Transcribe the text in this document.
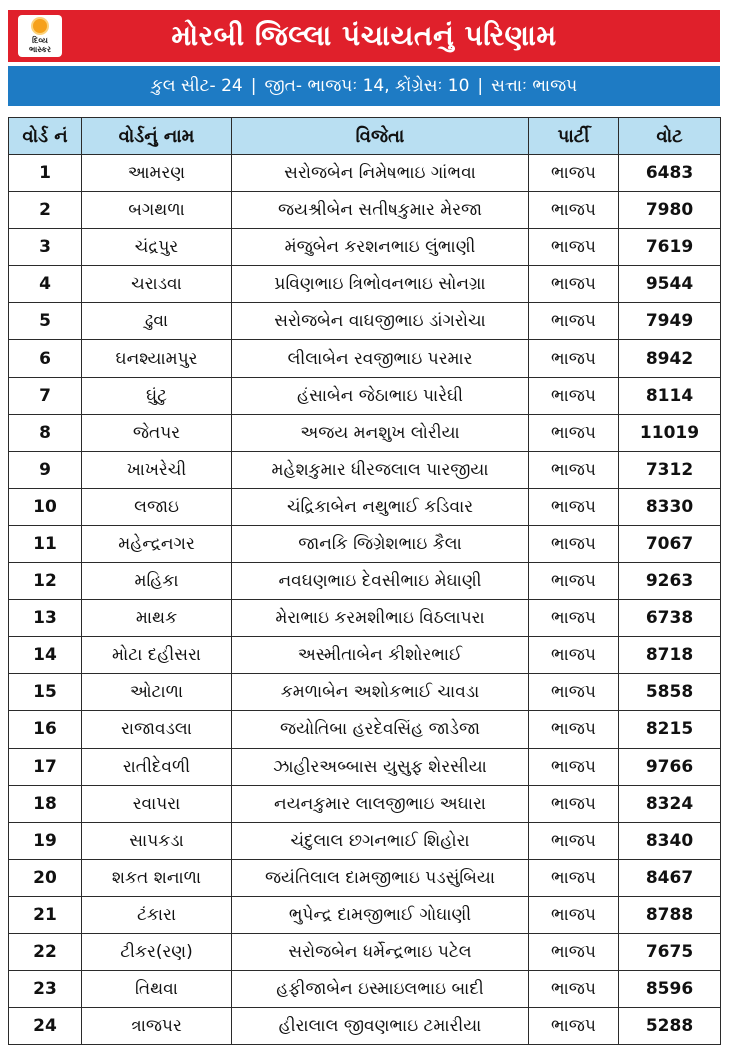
દિવ્ય
ભાસ્કર	મોરબી જિલ્લા પંચાયતનું પરિણામ
કુલ સીટ- 24 | જીત- ભાજપઃ 14, કોંગ્રેસઃ 10 | સત્તાઃ ભાજપ
વોર્ડ નં	વોર્ડનું નામ	વિજેતા	પાર્ટી	વોટ
1	આમરણ	સરોજબેન નિમેષભાઇ ગાંભવા	ભાજપ	6483
2	બગથળા	જયશ્રીબેન સતીષકુમાર મેરજા	ભાજપ	7980
3	ચંદ્રપુર	મંજુબેન કરશનભાઇ લુંભાણી	ભાજપ	7619
4	ચરાડવા	પ્રવિણભાઇ ત્રિભોવનભાઇ સોનગ્રા	ભાજપ	9544
5	ઢુવા	સરોજબેન વાઘજીભાઇ ડાંગરોચા	ભાજપ	7949
6	ઘનશ્યામપુર	લીલાબેન રવજીભાઇ પરમાર	ભાજપ	8942
7	ઘુંટુ	હંસાબેન જેઠાભાઇ પારેઘી	ભાજપ	8114
8	જેતપર	અજય મનશુખ લોરીયા	ભાજપ	11019
9	ખાખરેચી	મહેશકુમાર ધીરજલાલ પારજીયા	ભાજપ	7312
10	લજાઇ	ચંદ્રિકાબેન નથુભાઈ કડિવાર	ભાજપ	8330
11	મહેન્દ્રનગર	જાનકિ જિગ્રેશભાઇ કૈલા	ભાજપ	7067
12	મહિકા	નવઘણભાઇ દેવસીભાઇ મેઘાણી	ભાજપ	9263
13	માથક	મેરાભાઇ કરમશીભાઇ વિઠલાપરા	ભાજપ	6738
14	મોટા દહીસરા	અસ્મીતાબેન કીશોરભાઈ	ભાજપ	8718
15	ઓટાળા	કમળાબેન અશોકભાઈ ચાવડા	ભાજપ	5858
16	રાજાવડલા	જયોતિબા હરદેવસિંહ જાડેજા	ભાજપ	8215
17	રાતીદેવળી	ઝાહીરઅબ્બાસ યુસુફ શેરસીયા	ભાજપ	9766
18	રવાપરા	નયનકુમાર લાલજીભાઇ અઘારા	ભાજપ	8324
19	સાપકડા	ચંદુલાલ છગનભાઈ શિહોરા	ભાજપ	8340
20	શકત શનાળા	જયંતિલાલ દામજીભાઇ પડસુંબિયા	ભાજપ	8467
21	ટંકારા	ભુપેન્દ્ર દામજીભાઈ ગોઘાણી	ભાજપ	8788
22	ટીકર(રણ)	સરોજબેન ધર્મેન્દ્રભાઇ પટેલ	ભાજપ	7675
23	તિથવા	હફીજાબેન ઇસ્માઇલભાઇ બાદી	ભાજપ	8596
24	ત્રાજપર	હીરાલાલ જીવણભાઇ ટમારીયા	ભાજપ	5288
